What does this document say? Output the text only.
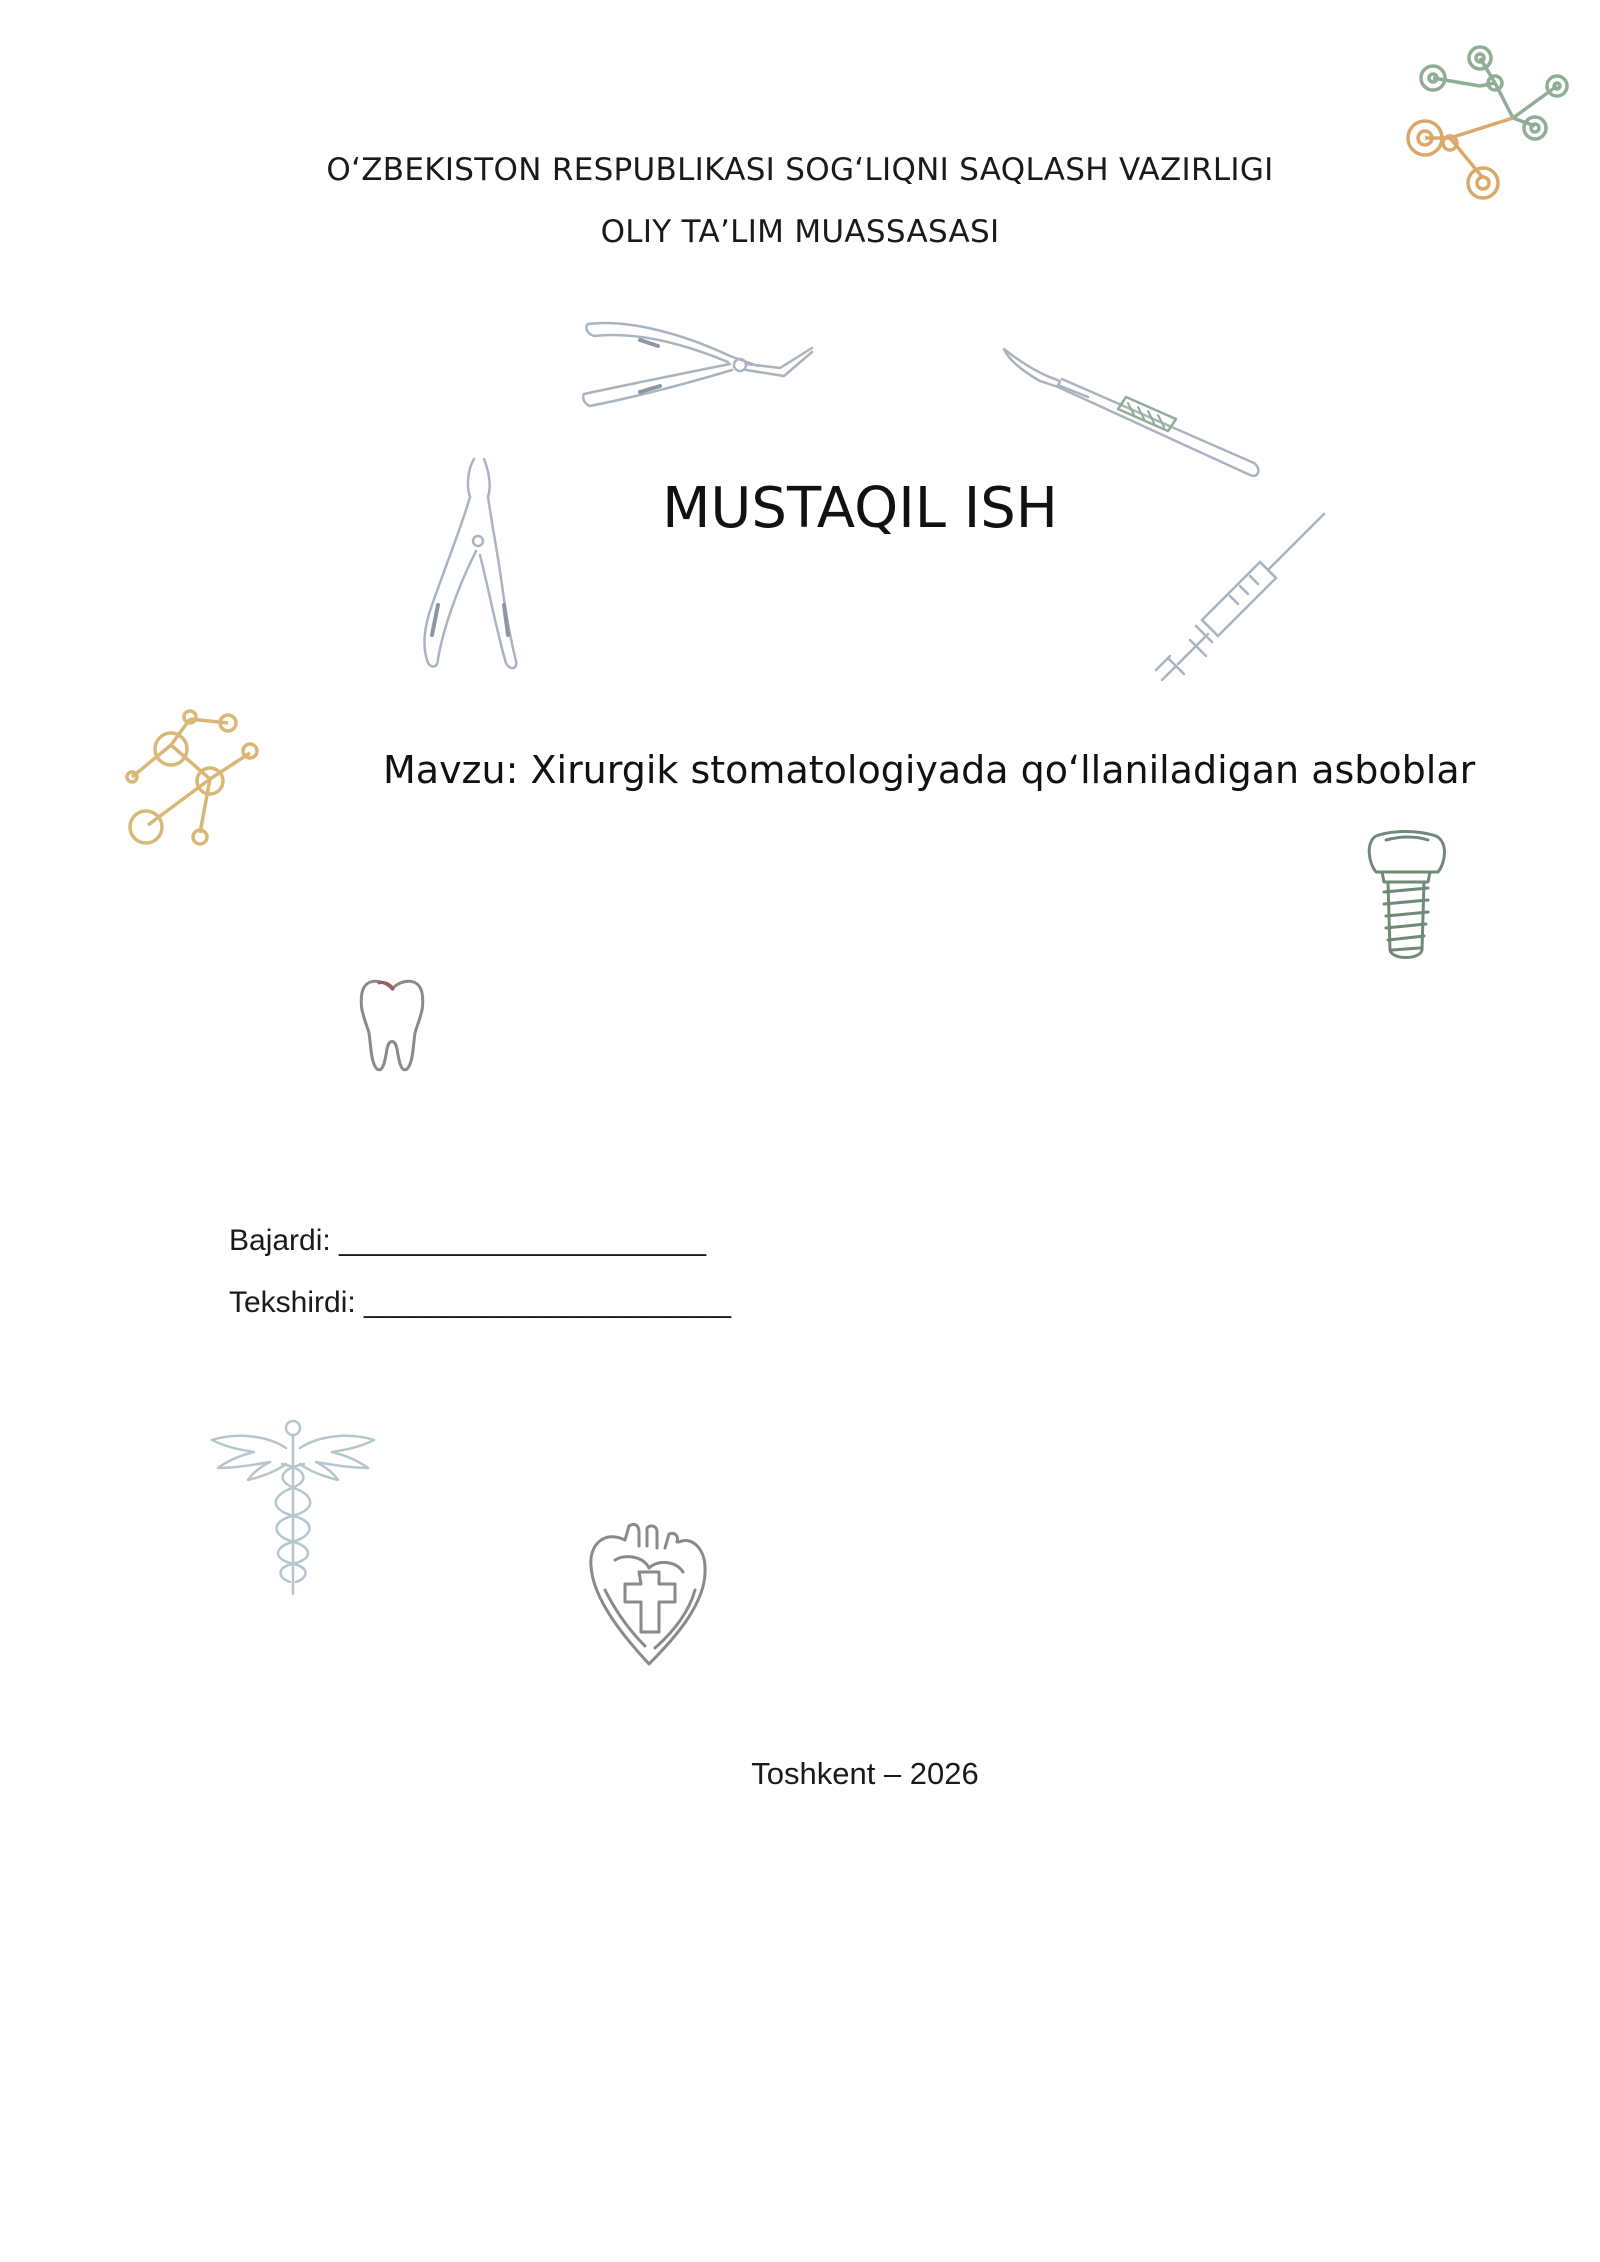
O‘ZBEKISTON RESPUBLIKASI SOG‘LIQNI SAQLASH VAZIRLIGI
OLIY TA’LIM MUASSASASI
MUSTAQIL ISH
Mavzu: Xirurgik stomatologiyada qo‘llaniladigan asboblar
Bajardi: ______________________
Tekshirdi: ______________________
Toshkent – 2026
